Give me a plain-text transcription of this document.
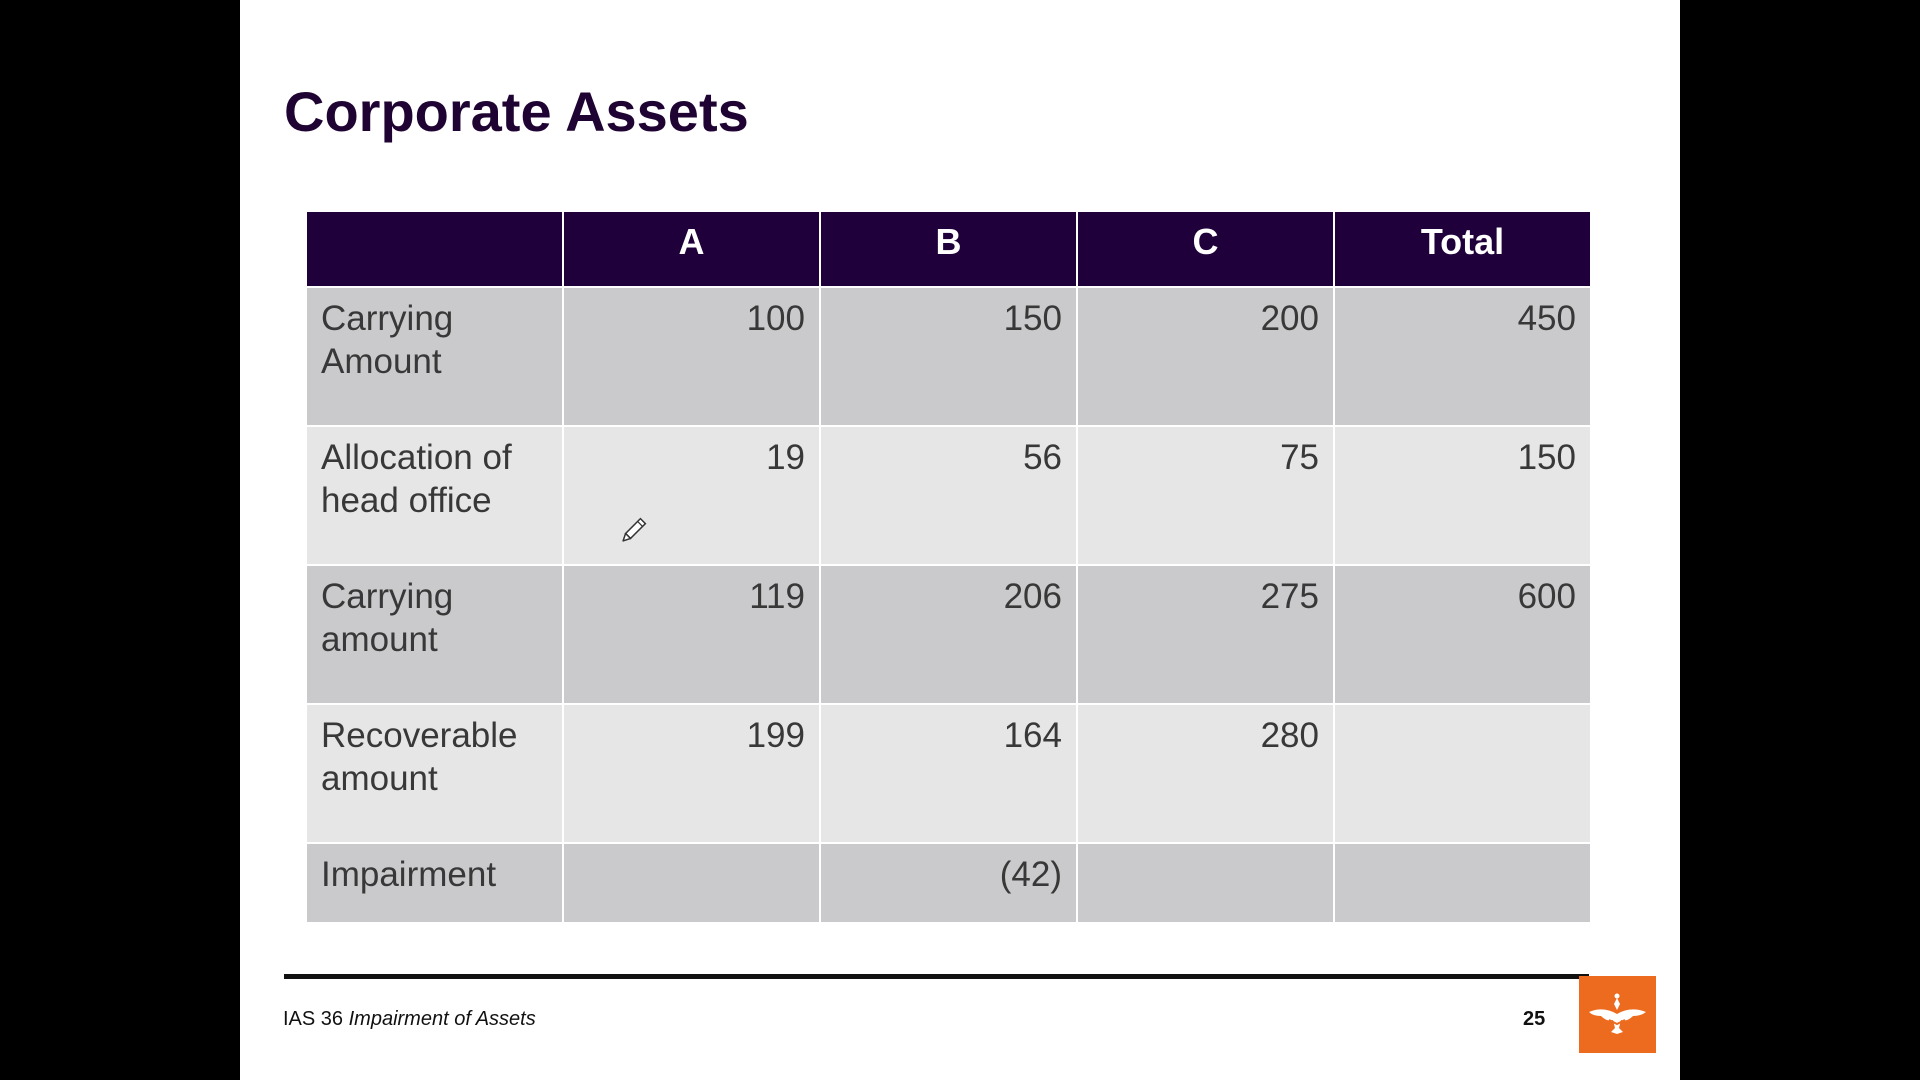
Corporate Assets
	A	B	C	Total
Carrying Amount	100	150	200	450
Allocation of head office	19	56	75	150
Carrying amount	119	206	275	600
Recoverable amount	199	164	280	
Impairment		(42)		
IAS 36 Impairment of Assets	25
